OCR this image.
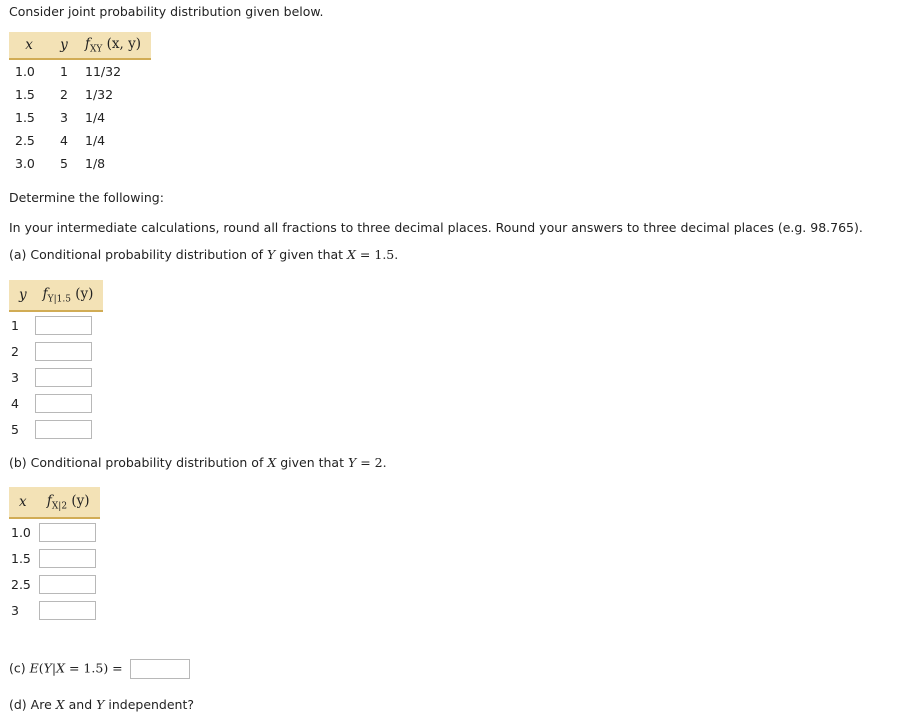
Consider joint probability distribution given below.
x	y	$f_{XY}$ (x, y)
1.0	1	11/32
1.5	2	1/32
1.5	3	1/4
2.5	4	1/4
3.0	5	1/8
Determine the following:
In your intermediate calculations, round all fractions to three decimal places. Round your answers to three decimal places (e.g. 98.765).
(a) Conditional probability distribution of Y given that X = 1.5.
y	$f_{Y|1.5}$ (y)
1	

2	

3	

4	

5	
(b) Conditional probability distribution of X given that Y = 2.
x	$f_{X|2}$ (y)
1.0	

1.5	

2.5	

3	
(c) E(Y|X = 1.5) =
(d) Are X and Y independent?
